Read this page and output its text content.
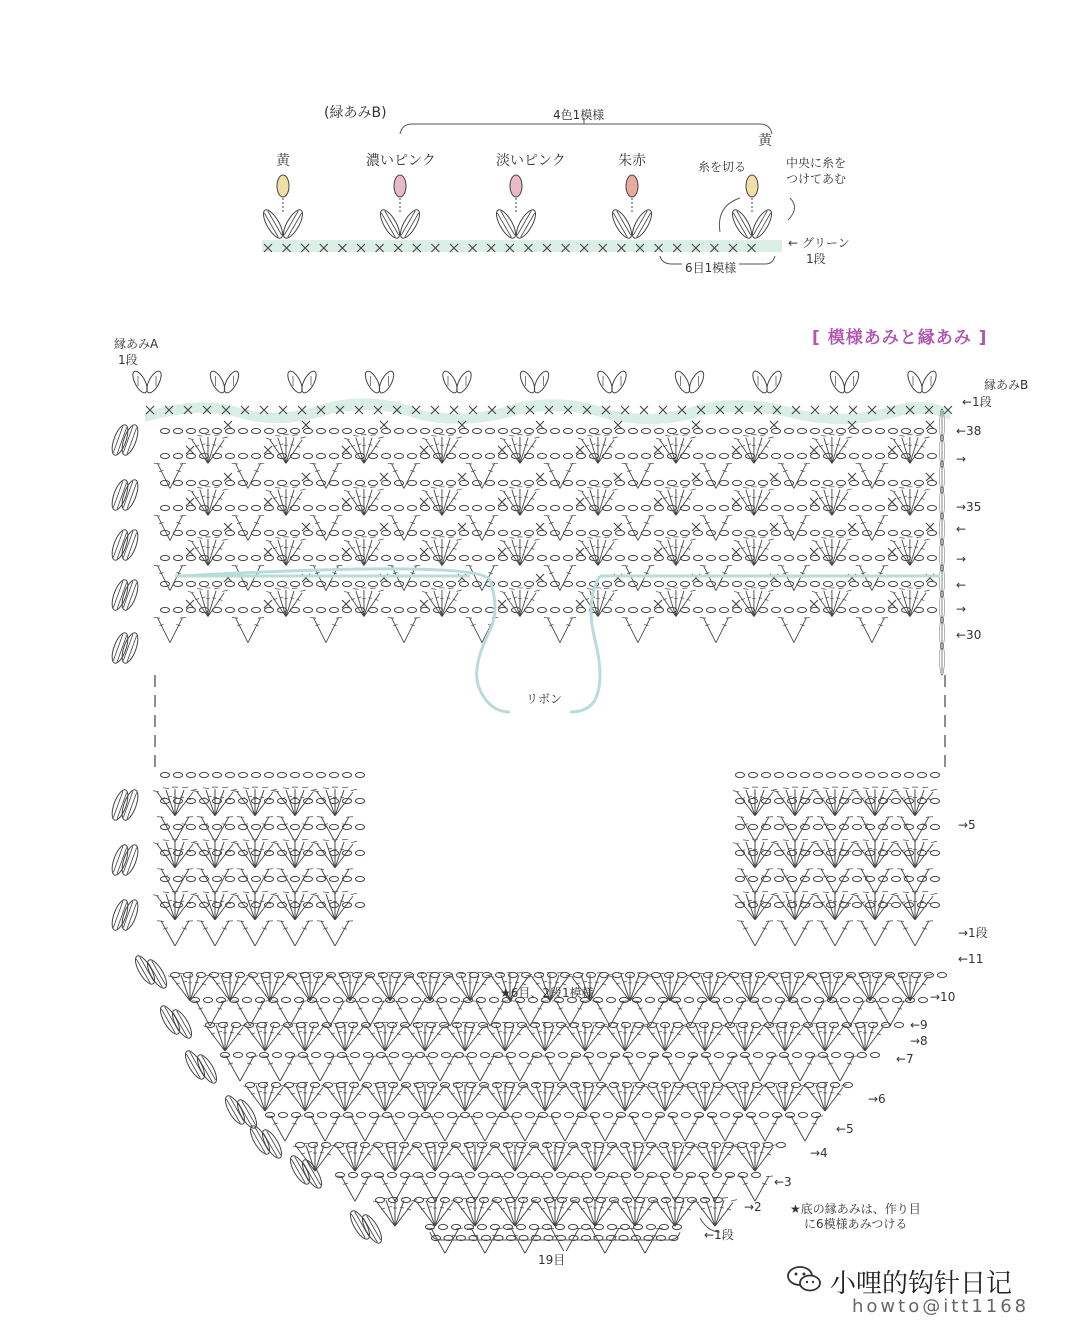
(緑あみB)	4色1模様
黄	濃いピンク	淡いピンク	朱赤
黄
糸を切る	中央に糸を
つけてあむ
← グリーン
1段
6目1模様
[ 模様あみと縁あみ ]
縁あみA
1段
縁あみB
←1段
←38
→
→35
←
→
←
→
←30
リボン
→5
→1段
←11
★6目、2段1模様	→10
←9
→8
←7
→6
←5
→4
←3
→2
←1段
★底の縁あみは、作り目
に6模様あみつける
19目
小哩的钩针日记
howto@itt1168
